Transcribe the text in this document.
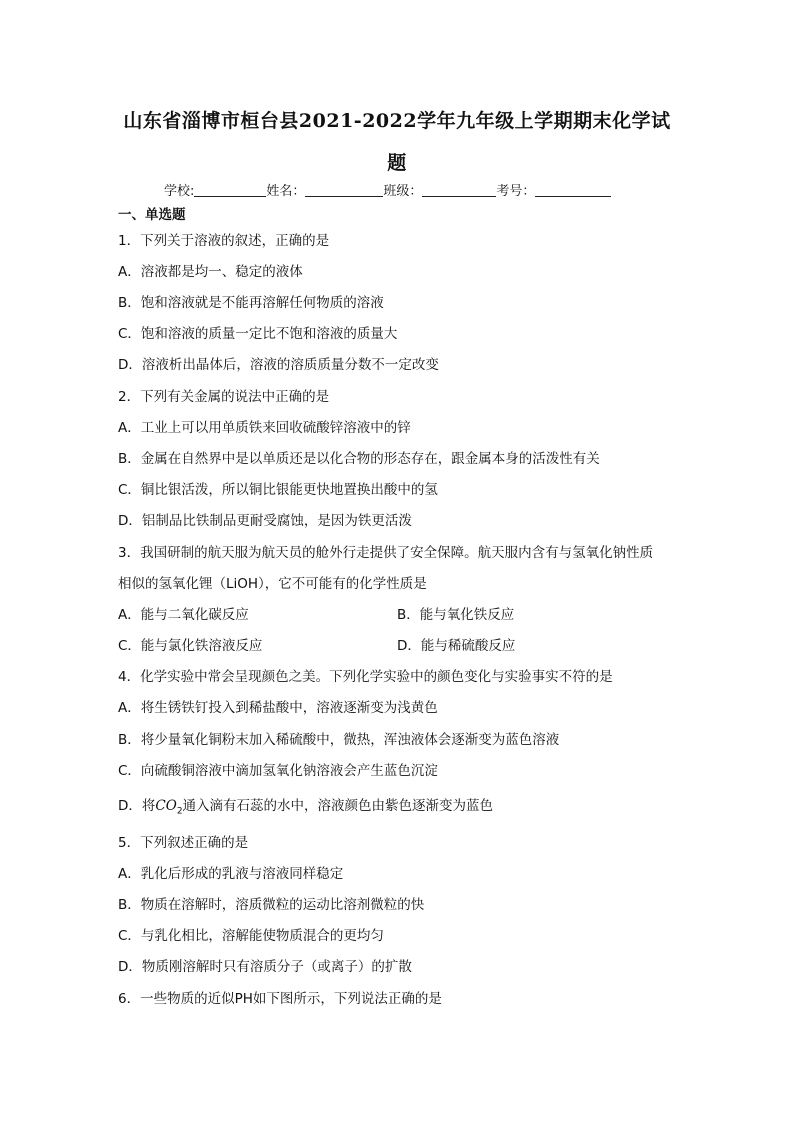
山东省淄博市桓台县2021-2022学年九年级上学期期末化学试
题
学校:	姓名：	班级：	考号：
一、单选题
1．下列关于溶液的叙述，正确的是
A．溶液都是均一、稳定的液体
B．饱和溶液就是不能再溶解任何物质的溶液
C．饱和溶液的质量一定比不饱和溶液的质量大
D．溶液析出晶体后，溶液的溶质质量分数不一定改变
2．下列有关金属的说法中正确的是
A．工业上可以用单质铁来回收硫酸锌溶液中的锌
B．金属在自然界中是以单质还是以化合物的形态存在，跟金属本身的活泼性有关
C．铜比银活泼，所以铜比银能更快地置换出酸中的氢
D．铝制品比铁制品更耐受腐蚀，是因为铁更活泼
3．我国研制的航天服为航天员的舱外行走提供了安全保障。航天服内含有与氢氧化钠性质
相似的氢氧化锂（LiOH），它不可能有的化学性质是
A．能与二氧化碳反应	B．能与氧化铁反应
C．能与氯化铁溶液反应	D．能与稀硫酸反应
4．化学实验中常会呈现颜色之美。下列化学实验中的颜色变化与实验事实不符的是
A．将生锈铁钉投入到稀盐酸中，溶液逐渐变为浅黄色
B．将少量氧化铜粉末加入稀硫酸中，微热，浑浊液体会逐渐变为蓝色溶液
C．向硫酸铜溶液中滴加氢氧化钠溶液会产生蓝色沉淀
D．将$CO_2$通入滴有石蕊的水中，溶液颜色由紫色逐渐变为蓝色
5．下列叙述正确的是
A．乳化后形成的乳液与溶液同样稳定
B．物质在溶解时，溶质微粒的运动比溶剂微粒的快
C．与乳化相比，溶解能使物质混合的更均匀
D．物质刚溶解时只有溶质分子（或离子）的扩散
6．一些物质的近似PH如下图所示，下列说法正确的是
